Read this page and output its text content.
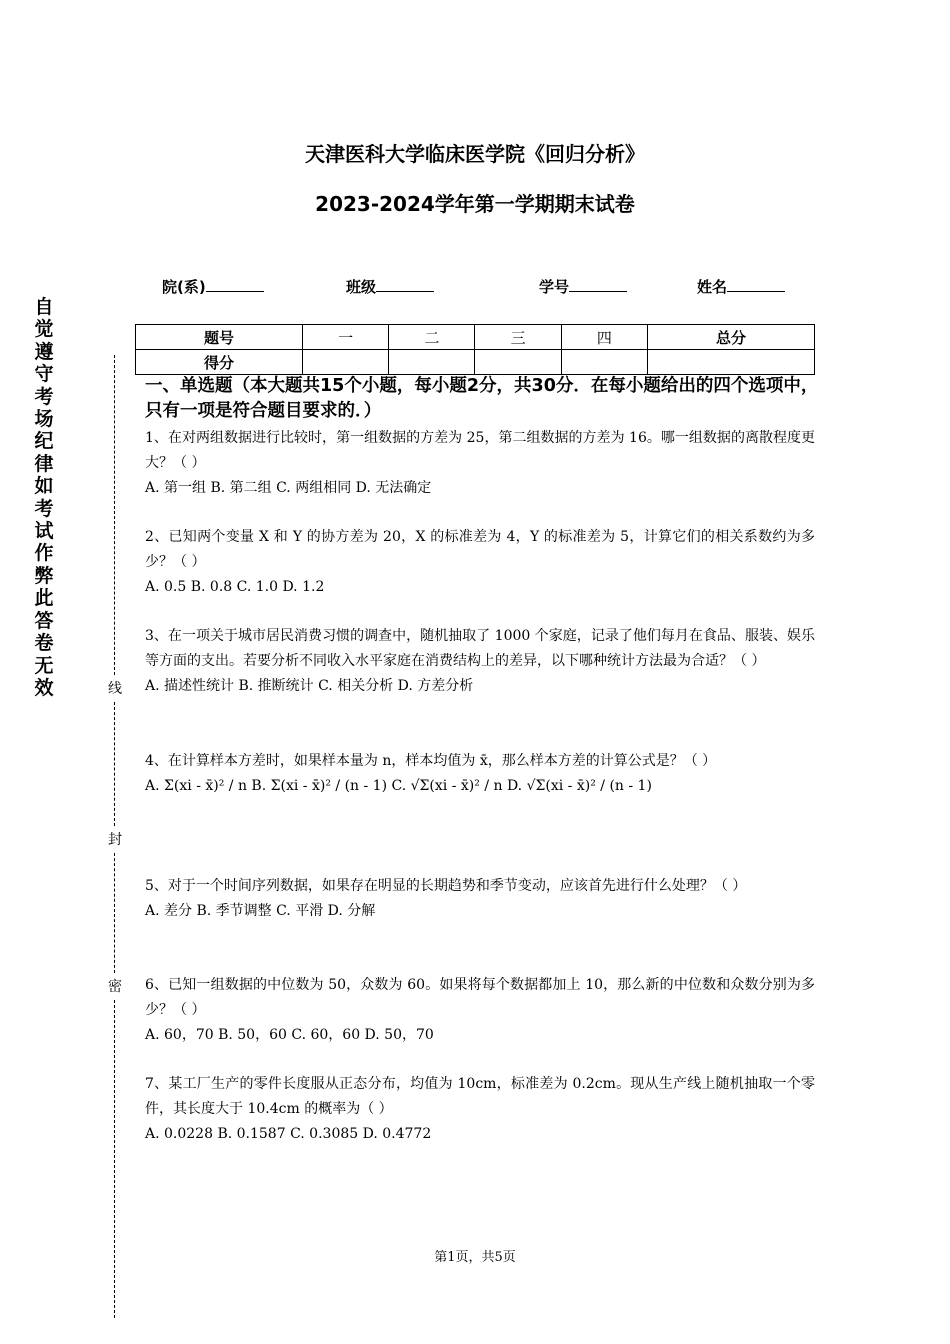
天津医科大学临床医学院《回归分析》
2023-2024学年第一学期期末试卷
院(系)	班级	学号	姓名
题号	一	二	三	四	总分
得分					
自觉遵守考场纪律如考试作弊此答卷无效	线
封
密
一、单选题（本大题共15个小题，每小题2分，共30分．在每小题给出的四个选项中，只有一项是符合题目要求的．）
1、在对两组数据进行比较时，第一组数据的方差为 25，第二组数据的方差为 16。哪一组数据的离散程度更大？（ ）
A. 第一组 B. 第二组 C. 两组相同 D. 无法确定
2、已知两个变量 X 和 Y 的协方差为 20，X 的标准差为 4，Y 的标准差为 5，计算它们的相关系数约为多少？（ ）
A. 0.5 B. 0.8 C. 1.0 D. 1.2
3、在一项关于城市居民消费习惯的调查中，随机抽取了 1000 个家庭，记录了他们每月在食品、服装、娱乐等方面的支出。若要分析不同收入水平家庭在消费结构上的差异，以下哪种统计方法最为合适？（ ）
A. 描述性统计 B. 推断统计 C. 相关分析 D. 方差分析
4、在计算样本方差时，如果样本量为 n，样本均值为 x̄，那么样本方差的计算公式是？（ ）
A. Σ(xi - x̄)² / n B. Σ(xi - x̄)² / (n - 1) C. √Σ(xi - x̄)² / n D. √Σ(xi - x̄)² / (n - 1)
5、对于一个时间序列数据，如果存在明显的长期趋势和季节变动，应该首先进行什么处理？（ ）
A. 差分 B. 季节调整 C. 平滑 D. 分解
6、已知一组数据的中位数为 50，众数为 60。如果将每个数据都加上 10，那么新的中位数和众数分别为多少？（ ）
A. 60，70 B. 50，60 C. 60，60 D. 50，70
7、某工厂生产的零件长度服从正态分布，均值为 10cm，标准差为 0.2cm。现从生产线上随机抽取一个零件，其长度大于 10.4cm 的概率为（ ）
A. 0.0228 B. 0.1587 C. 0.3085 D. 0.4772
第1页，共5页
